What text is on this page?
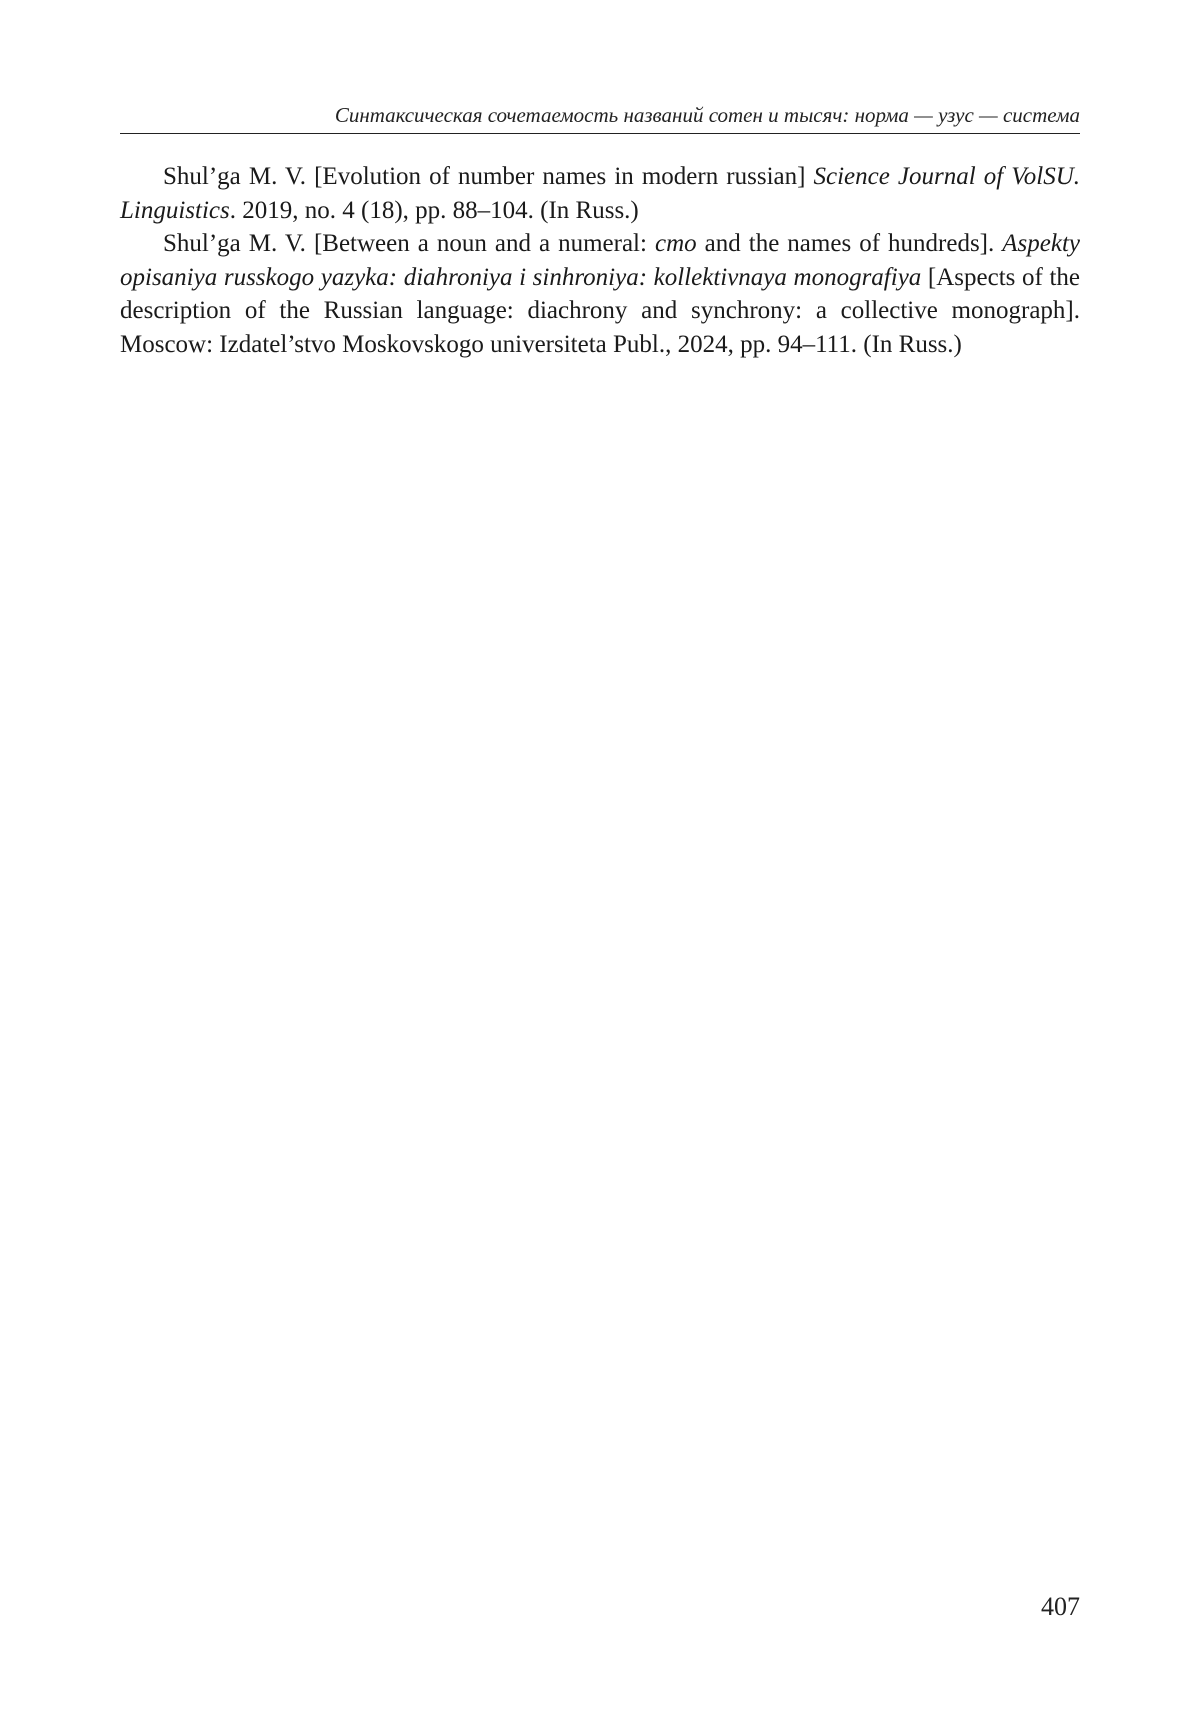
Синтаксическая сочетаемость названий сотен и тысяч: норма — узус — система

Shul’ga M. V. [Evolution of number names in modern russian] Science Journal of VolSU. Linguistics. 2019, no. 4 (18), pp. 88–104. (In Russ.)

Shul’ga M. V. [Between a noun and a numeral: сто and the names of hundreds]. Aspekty opisaniya russkogo yazyka: diahroniya i sinhroniya: kollektivnaya monografiya [Aspects of the description of the Russian language: diachrony and synchrony: a collective monograph]. Moscow: Izdatel’stvo Moskovskogo universiteta Publ., 2024, pp. 94–111. (In Russ.)

407
